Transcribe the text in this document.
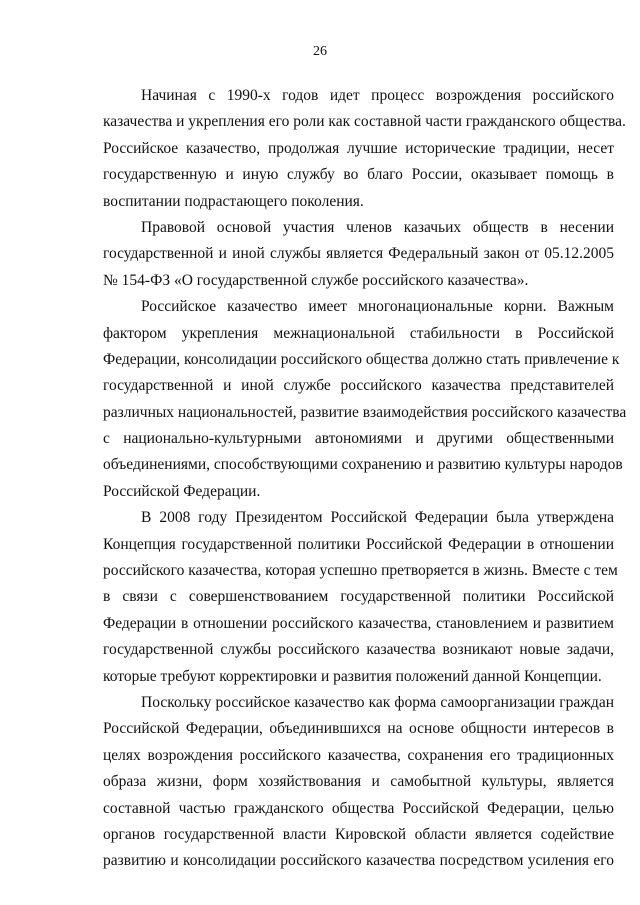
26
Начиная с 1990-х годов идет процесс возрождения российского
казачества и укрепления его роли как составной части гражданского общества.
Российское казачество, продолжая лучшие исторические традиции, несет
государственную и иную службу во благо России, оказывает помощь в
воспитании подрастающего поколения.
Правовой основой участия членов казачьих обществ в несении
государственной и иной службы является Федеральный закон от 05.12.2005
№ 154-ФЗ «О государственной службе российского казачества».
Российское казачество имеет многонациональные корни. Важным
фактором укрепления межнациональной стабильности в Российской
Федерации, консолидации российского общества должно стать привлечение к
государственной и иной службе российского казачества представителей
различных национальностей, развитие взаимодействия российского казачества
с национально-культурными автономиями и другими общественными
объединениями, способствующими сохранению и развитию культуры народов
Российской Федерации.
В 2008 году Президентом Российской Федерации была утверждена
Концепция государственной политики Российской Федерации в отношении
российского казачества, которая успешно претворяется в жизнь. Вместе с тем
в связи с совершенствованием государственной политики Российской
Федерации в отношении российского казачества, становлением и развитием
государственной службы российского казачества возникают новые задачи,
которые требуют корректировки и развития положений данной Концепции.
Поскольку российское казачество как форма самоорганизации граждан
Российской Федерации, объединившихся на основе общности интересов в
целях возрождения российского казачества, сохранения его традиционных
образа жизни, форм хозяйствования и самобытной культуры, является
составной частью гражданского общества Российской Федерации, целью
органов государственной власти Кировской области является содействие
развитию и консолидации российского казачества посредством усиления его
